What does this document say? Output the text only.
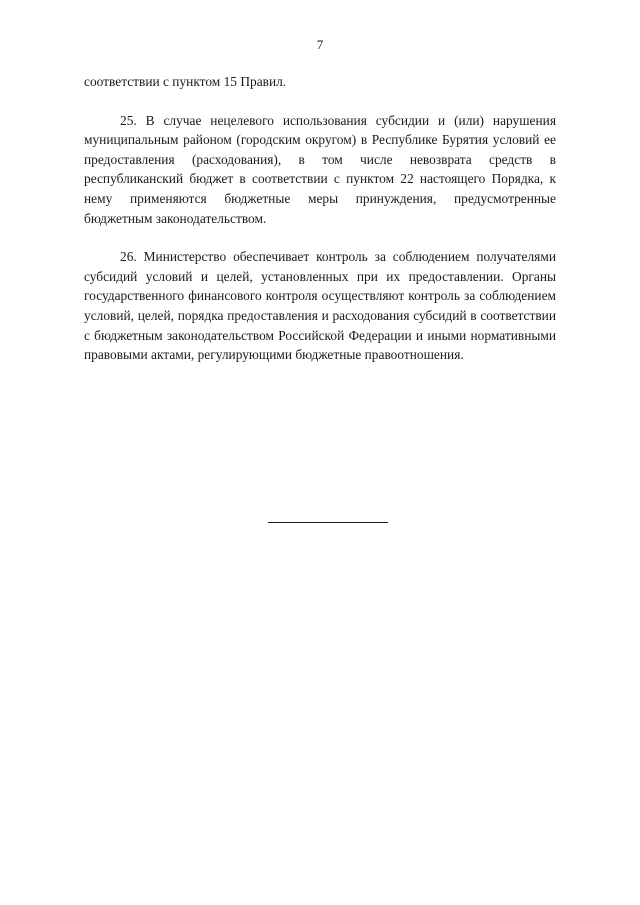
7

соответствии с пунктом 15 Правил.

25. В случае нецелевого использования субсидии и (или) нарушения муниципальным районом (городским округом) в Республике Бурятия условий ее предоставления (расходования), в том числе невозврата средств в республиканский бюджет в соответствии с пунктом 22 настоящего Порядка, к нему применяются бюджетные меры принуждения, предусмотренные бюджетным законодательством.

26. Министерство обеспечивает контроль за соблюдением получателями субсидий условий и целей, установленных при их предоставлении. Органы государственного финансового контроля осуществляют контроль за соблюдением условий, целей, порядка предоставления и расходования субсидий в соответствии с бюджетным законодательством Российской Федерации и иными нормативными правовыми актами, регулирующими бюджетные правоотношения.
